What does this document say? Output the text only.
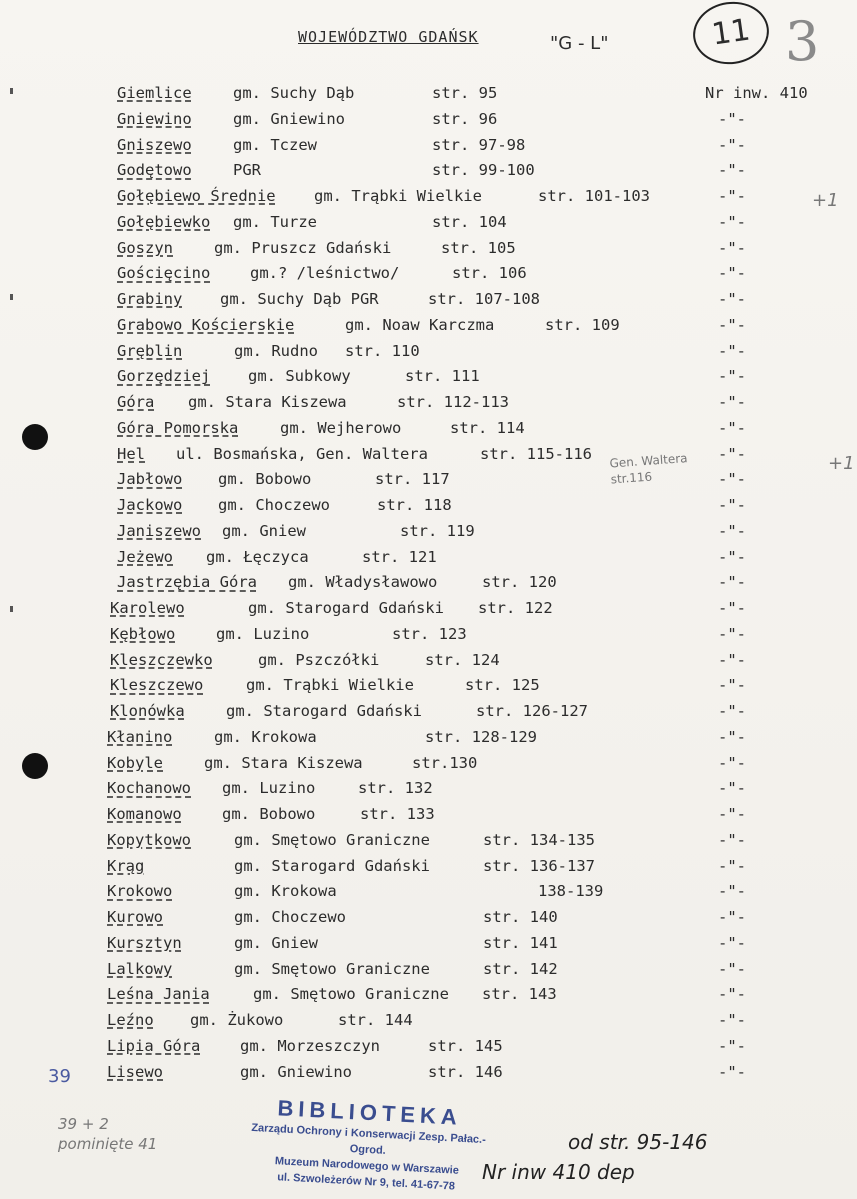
WOJEWÓDZTWO GDAŃSK	"G - L"	11 3
Giemlice	gm. Suchy Dąb	str. 95	Nr inw. 410
Gniewino	gm. Gniewino	str. 96	-"-
Gniszewo	gm. Tczew	str. 97-98	-"-
Godętowo	PGR	str. 99-100	-"-
Gołębiewo Średnie gm. Trąbki Wielkie	str. 101-103	-"-
Gołębiewko gm. Turze	str. 104	-"-
Goszyn	gm. Pruszcz Gdański	str. 105	-"-
Gościęcino	gm.? /leśnictwo/	str. 106	-"-
Grabiny gm. Suchy Dąb PGR	str. 107-108	-"-
Grabowo Kościerskie	gm. Noaw Karczma	str. 109	-"-
Gręblin	gm. Rudno str. 110	-"-
Gorzędziej gm. Subkowy	str. 111	-"-
Góra gm. Stara Kiszewa	str. 112-113	-"-
Góra Pomorska	gm. Wejherowo	str. 114	-"-
Hel ul. Bosmańska, Gen. Waltera	str. 115-116	-"-
Jabłowo gm. Bobowo	str. 117	-"-
Jackowo gm. Choczewo	str. 118	-"-
Janiszewo gm. Gniew	str. 119	-"-
Jeżewo gm. Łęczyca	str. 121	-"-
Jastrzębia Góra gm. Władysławowo	str. 120	-"-
Karolewo	gm. Starogard Gdański str. 122	-"-
Kębłowo	gm. Luzino	str. 123	-"-
Kleszczewko	gm. Pszczółki	str. 124	-"-
Kleszczewo	gm. Trąbki Wielkie	str. 125	-"-
Klonówka	gm. Starogard Gdański	str. 126-127	-"-
Kłanino	gm. Krokowa	str. 128-129	-"-
Kobyle	gm. Stara Kiszewa	str.130	-"-
Kochanowo gm. Luzino	str. 132	-"-
Komanowo	gm. Bobowo	str. 133	-"-
Kopytkowo	gm. Smętowo Graniczne	str. 134-135	-"-
Krąg	gm. Starogard Gdański	str. 136-137	-"-
Krokowo	gm. Krokowa	138-139	-"-
Kurowo	gm. Choczewo	str. 140	-"-
Kursztyn	gm. Gniew	str. 141	-"-
Lalkowy	gm. Smętowo Graniczne	str. 142	-"-
Leśna Jania	gm. Smętowo Graniczne str. 143	-"-
Leźno gm. Żukowo	str. 144	-"-
Lipia Góra	gm. Morzeszczyn	str. 145	-"-
Lisewo	gm. Gniewino	str. 146	-"-
+1
+1
Gen. Waltera str.116
39
39 + 2 pominięte 41	od str. 95-146
Nr inw 410 dep
BIBLIOTEKA
Zarządu Ochrony i Konserwacji Zesp. Pałac.-Ogrod.
Muzeum Narodowego w Warszawie
ul. Szwoleżerów Nr 9, tel. 41-67-78
